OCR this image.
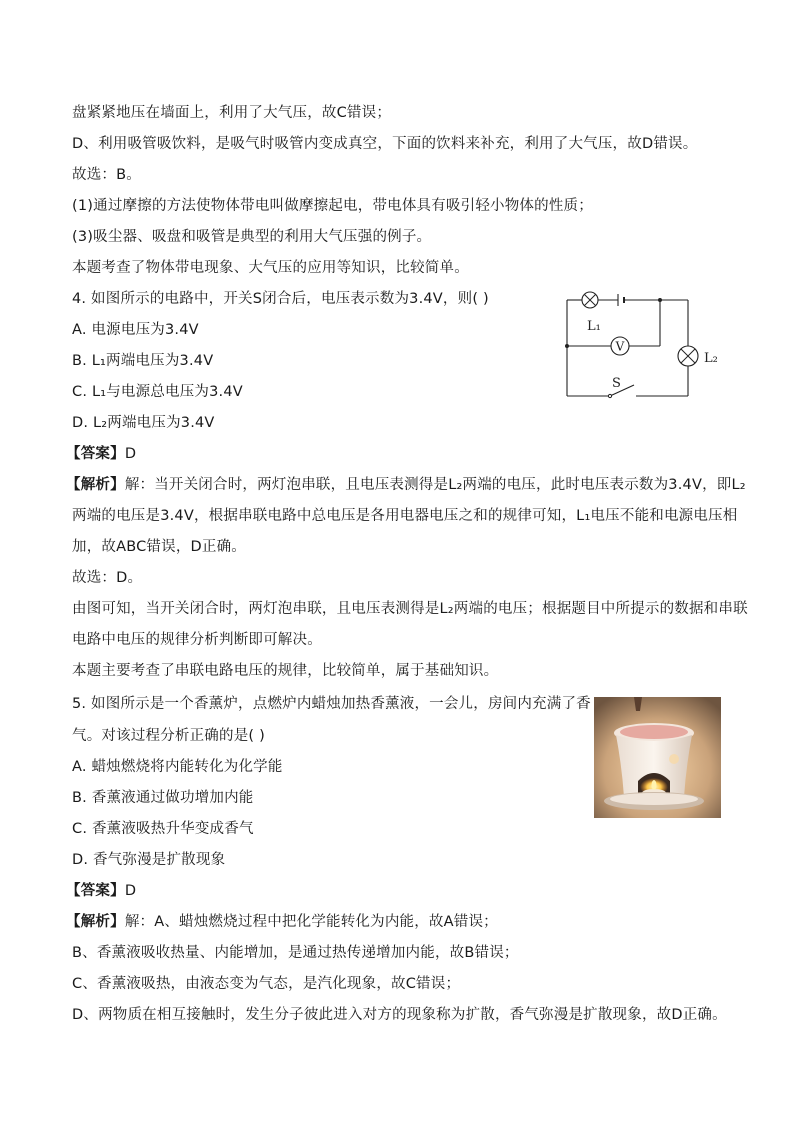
盘紧紧地压在墙面上，利用了大气压，故C错误；
D、利用吸管吸饮料，是吸气时吸管内变成真空，下面的饮料来补充，利用了大气压，故D错误。
故选：B。
(1)通过摩擦的方法使物体带电叫做摩擦起电，带电体具有吸引轻小物体的性质；
(3)吸尘器、吸盘和吸管是典型的利用大气压强的例子。
本题考查了物体带电现象、大气压的应用等知识，比较简单。
4. 如图所示的电路中，开关S闭合后，电压表示数为3.4V，则( )
A. 电源电压为3.4V
B. L₁两端电压为3.4V
C. L₁与电源总电压为3.4V
D. L₂两端电压为3.4V
【答案】D
【解析】解：当开关闭合时，两灯泡串联，且电压表测得是L₂两端的电压，此时电压表示数为3.4V，即L₂
两端的电压是3.4V，根据串联电路中总电压是各用电器电压之和的规律可知，L₁电压不能和电源电压相
加，故ABC错误，D正确。
故选：D。
由图可知，当开关闭合时，两灯泡串联，且电压表测得是L₂两端的电压；根据题目中所提示的数据和串联
电路中电压的规律分析判断即可解决。
本题主要考查了串联电路电压的规律，比较简单，属于基础知识。
V
L₁
L₂
S
5. 如图所示是一个香薰炉，点燃炉内蜡烛加热香薰液，一会儿，房间内充满了香
气。对该过程分析正确的是( )
A. 蜡烛燃烧将内能转化为化学能
B. 香薰液通过做功增加内能
C. 香薰液吸热升华变成香气
D. 香气弥漫是扩散现象
【答案】D
【解析】解：A、蜡烛燃烧过程中把化学能转化为内能，故A错误；
B、香薰液吸收热量、内能增加，是通过热传递增加内能，故B错误；
C、香薰液吸热，由液态变为气态，是汽化现象，故C错误；
D、两物质在相互接触时，发生分子彼此进入对方的现象称为扩散，香气弥漫是扩散现象，故D正确。
